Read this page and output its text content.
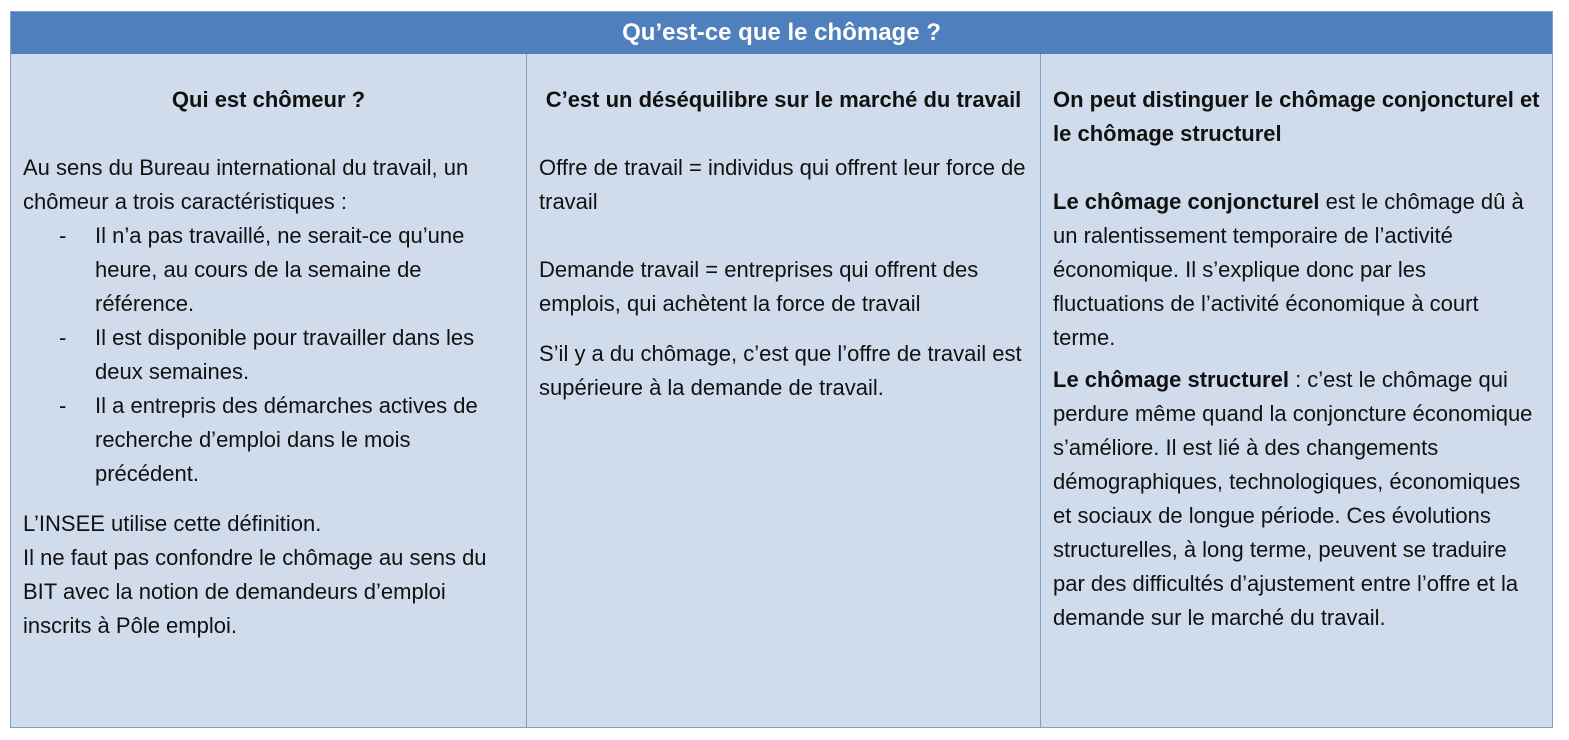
Qu’est-ce que le chômage ?

Qui est chômeur ?

Au sens du Bureau international du travail, un chômeur a trois caractéristiques :

- Il n’a pas travaillé, ne serait-ce qu’une heure, au cours de la semaine de référence.
- Il est disponible pour travailler dans les deux semaines.
- Il a entrepris des démarches actives de recherche d’emploi dans le mois précédent.

L’INSEE utilise cette définition.

Il ne faut pas confondre le chômage au sens du BIT avec la notion de demandeurs d’emploi inscrits à Pôle emploi.

C’est un déséquilibre sur le marché du travail

Offre de travail = individus qui offrent leur force de travail

Demande travail = entreprises qui offrent des emplois, qui achètent la force de travail

S’il y a du chômage, c’est que l’offre de travail est supérieure à la demande de travail.

On peut distinguer le chômage conjoncturel et le chômage structurel

Le chômage conjoncturel est le chômage dû à un ralentissement temporaire de l’activité économique. Il s’explique donc par les fluctuations de l’activité économique à court terme.

Le chômage structurel : c’est le chômage qui perdure même quand la conjoncture économique s’améliore. Il est lié à des changements démographiques, technologiques, économiques et sociaux de longue période. Ces évolutions structurelles, à long terme, peuvent se traduire par des difficultés d’ajustement entre l’offre et la demande sur le marché du travail.
